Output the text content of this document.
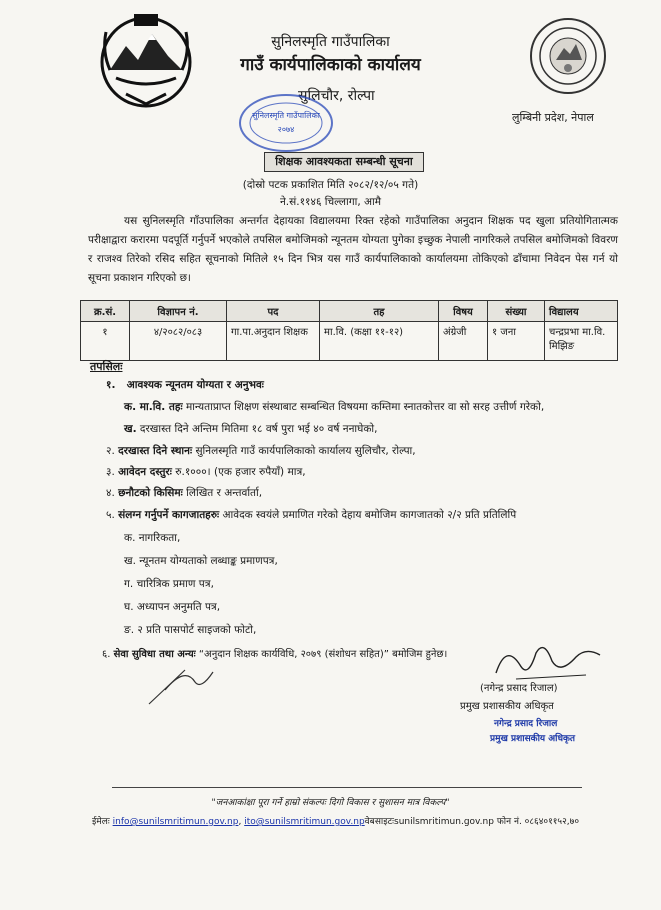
सुनिलस्मृति गाउँपालिका
गाउँ कार्यपालिकाको कार्यालय
सुलिचौर, रोल्पा
सुनिलस्मृति गाउँपालिका
२०७४
लुम्बिनी प्रदेश, नेपाल
शिक्षक आवश्यकता सम्बन्धी सूचना
(दोस्रो पटक प्रकाशित मिति २०८२/१२/०५ गते)
ने.सं.११४६ चिल्लागा, आमै

यस सुनिलस्मृति गाँउपालिका अन्तर्गत देहायका विद्यालयमा रिक्त रहेको गाउँपालिका अनुदान शिक्षक पद खुला प्रतियोगितात्मक परीक्षाद्वारा करारमा पदपूर्ति गर्नुपर्ने भएकोले तपसिल बमोजिमको न्यूनतम योग्यता पुगेका इच्छुक नेपाली नागरिकले तपसिल बमोजिमको विवरण र राजश्व तिरेको रसिद सहित सूचनाको मितिले १५ दिन भित्र यस गाउँ कार्यपालिकाको कार्यालयमा तोकिएको ढाँचामा निवेदन पेस गर्न यो सूचना प्रकाशन गरिएको छ।

क्र.सं.	विज्ञापन नं.	पद	तह	विषय	संख्या	विद्यालय
१	४/२०८२/०८३	गा.पा.अनुदान शिक्षक	मा.वि. (कक्षा ११-१२)	अंग्रेजी	१ जना	चन्द्रप्रभा मा.वि. मिझिङ
तपसिलः
१. आवश्यक न्यूनतम योग्यता र अनुभवः
क. मा.वि. तहः मान्यताप्राप्त शिक्षण संस्थाबाट सम्बन्धित विषयमा कम्तिमा स्नातकोत्तर वा सो सरह उत्तीर्ण गरेको,
ख. दरखास्त दिने अन्तिम मितिमा १८ वर्ष पुरा भई ४० वर्ष ननाघेको,
२. दरखास्त दिने स्थानः सुनिलस्मृति गाउँ कार्यपालिकाको कार्यालय सुलिचौर, रोल्पा,
३. आवेदन दस्तुरः रु.१०००। (एक हजार रुपैयाँ) मात्र,
४. छनौटको किसिमः लिखित र अन्तर्वार्ता,
५. संलग्न गर्नुपर्ने कागजातहरुः आवेदक स्वयंले प्रमाणित गरेको देहाय बमोजिम कागजातको २/२ प्रति प्रतिलिपि
क. नागरिकता,
ख. न्यूनतम योग्यताको लब्धाङ्क प्रमाणपत्र,
ग. चारित्रिक प्रमाण पत्र,
घ. अध्यापन अनुमति पत्र,
ङ. २ प्रति पासपोर्ट साइजको फोटो,
६. सेवा सुविधा तथा अन्यः “अनुदान शिक्षक कार्यविधि, २०७९ (संशोधन सहित)” बमोजिम हुनेछ।
(नगेन्द्र प्रसाद रिजाल)
प्रमुख प्रशासकीय अधिकृत
नगेन्द्र प्रसाद रिजाल
प्रमुख प्रशासकीय अधिकृत
"जनआकांक्षा पूरा गर्ने हाम्रो संकल्पः दिगो विकास र सुशासन मात्र विकल्प"
ईमेलः info@sunilsmritimun.gov.np, ito@sunilsmritimun.gov.npवेबसाइटःsunilsmritimun.gov.np फोन नं. ०८६४०११५२,७०
